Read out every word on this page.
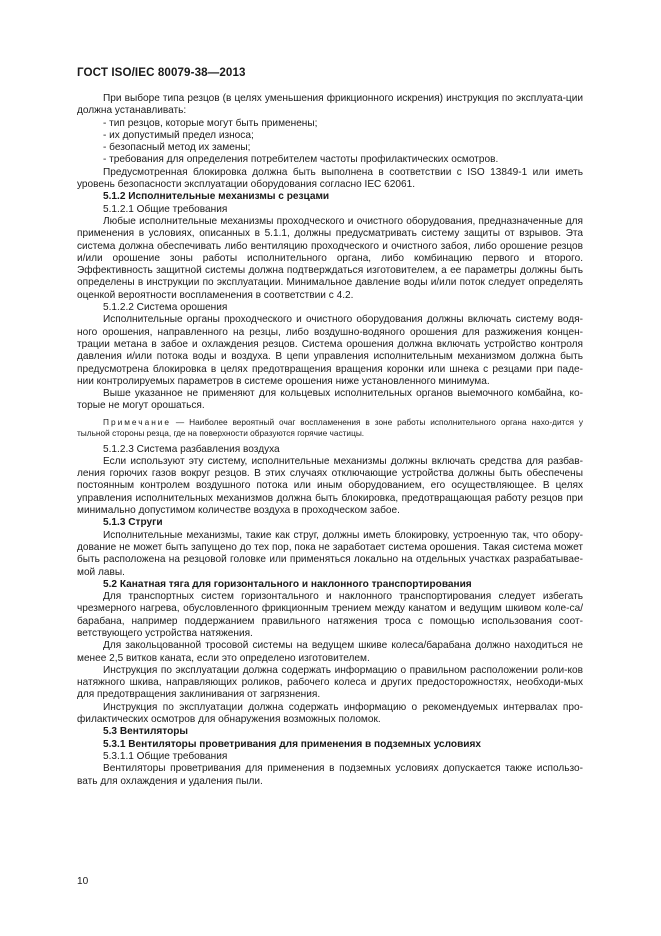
ГОСТ ISO/IEC 80079-38—2013
При выборе типа резцов (в целях уменьшения фрикционного искрения) инструкция по эксплуата-ции должна устанавливать:
- тип резцов, которые могут быть применены;
- их допустимый предел износа;
- безопасный метод их замены;
- требования для определения потребителем частоты профилактических осмотров.
Предусмотренная блокировка должна быть выполнена в соответствии с ISO 13849-1 или иметь уровень безопасности эксплуатации оборудования согласно IEC 62061.
5.1.2 Исполнительные механизмы с резцами
5.1.2.1 Общие требования
Любые исполнительные механизмы проходческого и очистного оборудования, предназначенные для применения в условиях, описанных в 5.1.1, должны предусматривать систему защиты от взрывов. Эта система должна обеспечивать либо вентиляцию проходческого и очистного забоя, либо орошение резцов и/или орошение зоны работы исполнительного органа, либо комбинацию первого и второго. Эффективность защитной системы должна подтверждаться изготовителем, а ее параметры должны быть определены в инструкции по эксплуатации. Минимальное давление воды и/или поток следует определять оценкой вероятности воспламенения в соответствии с 4.2.
5.1.2.2 Система орошения
Исполнительные органы проходческого и очистного оборудования должны включать систему водя-ного орошения, направленного на резцы, либо воздушно-водяного орошения для разжижения концен-трации метана в забое и охлаждения резцов. Система орошения должна включать устройство контроля давления и/или потока воды и воздуха. В цепи управления исполнительным механизмом должна быть предусмотрена блокировка в целях предотвращения вращения коронки или шнека с резцами при паде-нии контролируемых параметров в системе орошения ниже установленного минимума.
Выше указанное не применяют для кольцевых исполнительных органов выемочного комбайна, ко-торые не могут орошаться.
Примечание — Наиболее вероятный очаг воспламенения в зоне работы исполнительного органа нахо-дится у тыльной стороны резца, где на поверхности образуются горячие частицы.
5.1.2.3 Система разбавления воздуха
Если используют эту систему, исполнительные механизмы должны включать средства для разбав-ления горючих газов вокруг резцов. В этих случаях отключающие устройства должны быть обеспечены постоянным контролем воздушного потока или иным оборудованием, его осуществляющее. В целях управления исполнительных механизмов должна быть блокировка, предотвращающая работу резцов при минимально допустимом количестве воздуха в проходческом забое.
5.1.3 Струги
Исполнительные механизмы, такие как струг, должны иметь блокировку, устроенную так, что обору-дование не может быть запущено до тех пор, пока не заработает система орошения. Такая система может быть расположена на резцовой головке или применяться локально на отдельных участках разрабатывае-мой лавы.
5.2 Канатная тяга для горизонтального и наклонного транспортирования
Для транспортных систем горизонтального и наклонного транспортирования следует избегать чрезмерного нагрева, обусловленного фрикционным трением между канатом и ведущим шкивом коле-са/барабана, например поддержанием правильного натяжения троса с помощью использования соот-ветствующего устройства натяжения.
Для закольцованной тросовой системы на ведущем шкиве колеса/барабана должно находиться не менее 2,5 витков каната, если это определено изготовителем.
Инструкция по эксплуатации должна содержать информацию о правильном расположении роли-ков натяжного шкива, направляющих роликов, рабочего колеса и других предосторожностях, необходи-мых для предотвращения заклинивания от загрязнения.
Инструкция по эксплуатации должна содержать информацию о рекомендуемых интервалах про-филактических осмотров для обнаружения возможных поломок.
5.3 Вентиляторы
5.3.1 Вентиляторы проветривания для применения в подземных условиях
5.3.1.1 Общие требования
Вентиляторы проветривания для применения в подземных условиях допускается также использо-вать для охлаждения и удаления пыли.
10
